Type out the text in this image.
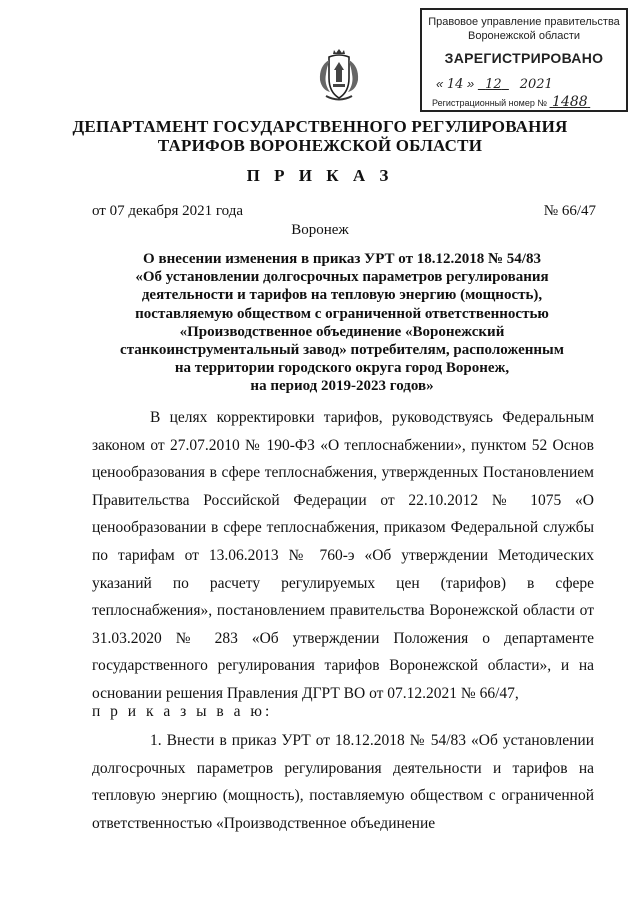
Правовое управление правительства
Воронежской области
ЗАРЕГИСТРИРОВАНО
« 14 »   12 2021
Регистрационный номер № 1488
ДЕПАРТАМЕНТ ГОСУДАРСТВЕННОГО РЕГУЛИРОВАНИЯ
ТАРИФОВ ВОРОНЕЖСКОЙ ОБЛАСТИ
П Р И К А З
от 07 декабря 2021 года	№ 66/47
Воронеж
О внесении изменения в приказ УРТ от 18.12.2018 № 54/83
«Об установлении долгосрочных параметров регулирования
деятельности и тарифов на тепловую энергию (мощность),
поставляемую обществом с ограниченной ответственностью
«Производственное объединение «Воронежский
станкоинструментальный завод» потребителям, расположенным
на территории городского округа город Воронеж,
на период 2019-2023 годов»
В целях корректировки тарифов, руководствуясь Федеральным законом от 27.07.2010 № 190-ФЗ «О теплоснабжении», пунктом 52 Основ ценообразования в сфере теплоснабжения, утвержденных Постановлением Правительства Российской Федерации от 22.10.2012 № 1075 «О ценообразовании в сфере теплоснабжения, приказом Федеральной службы по тарифам от 13.06.2013 № 760-э «Об утверждении Методических указаний по расчету регулируемых цен (тарифов) в сфере теплоснабжения», постановлением правительства Воронежской области от 31.03.2020 № 283 «Об утверждении Положения о департаменте государственного регулирования тарифов Воронежской области», и на основании решения Правления ДГРТ ВО от 07.12.2021 № 66/47,
п р и к а з ы в а ю:
1. Внести в приказ УРТ от 18.12.2018 № 54/83 «Об установлении долгосрочных параметров регулирования деятельности и тарифов на тепловую энергию (мощность), поставляемую обществом с ограниченной ответственностью «Производственное объединение
